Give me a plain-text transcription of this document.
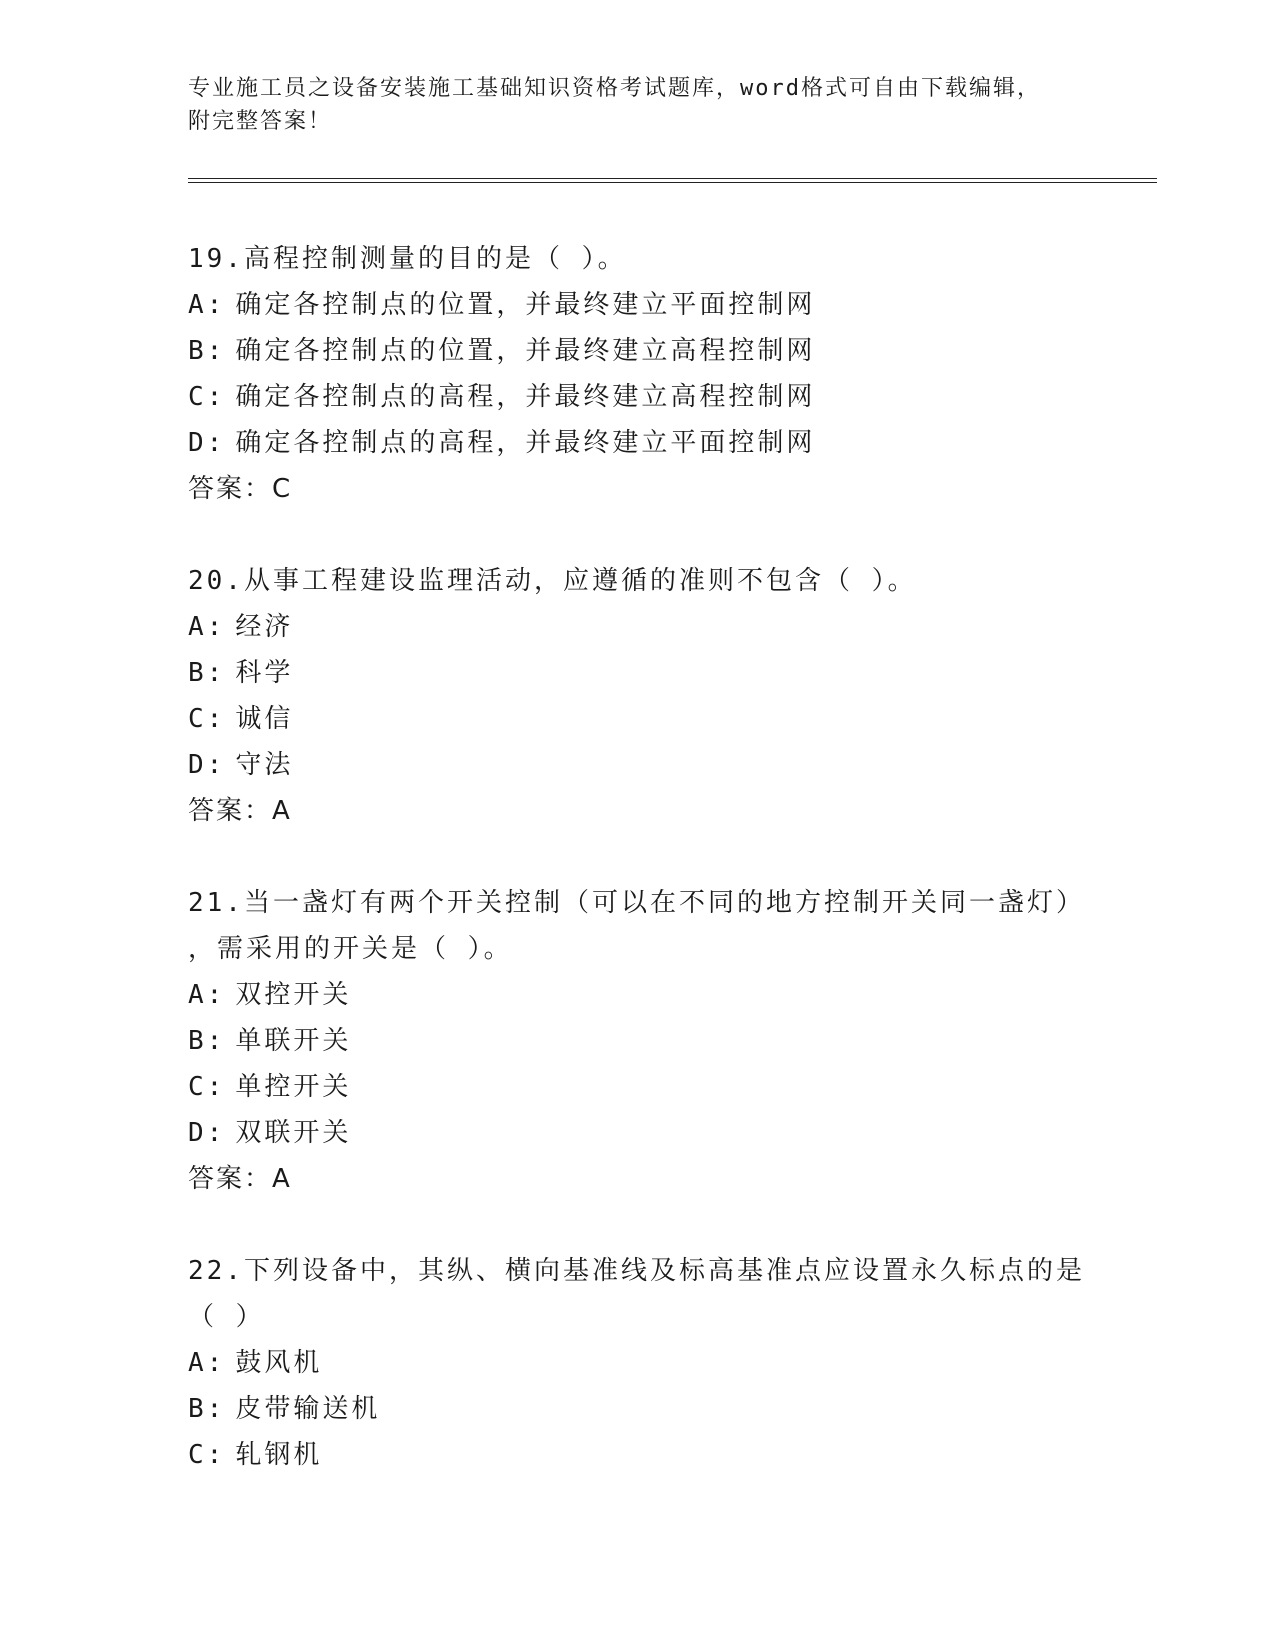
专业施工员之设备安装施工基础知识资格考试题库，word格式可自由下载编辑，
附完整答案！
19.高程控制测量的目的是（ ）。
A: 确定各控制点的位置，并最终建立平面控制网
B: 确定各控制点的位置，并最终建立高程控制网
C: 确定各控制点的高程，并最终建立高程控制网
D: 确定各控制点的高程，并最终建立平面控制网
答案：C
20.从事工程建设监理活动，应遵循的准则不包含（ ）。
A: 经济
B: 科学
C: 诚信
D: 守法
答案：A
21.当一盏灯有两个开关控制（可以在不同的地方控制开关同一盏灯）
，需采用的开关是（ ）。
A: 双控开关
B: 单联开关
C: 单控开关
D: 双联开关
答案：A
22.下列设备中，其纵、横向基准线及标高基准点应设置永久标点的是
（ ）
A: 鼓风机
B: 皮带输送机
C: 轧钢机
